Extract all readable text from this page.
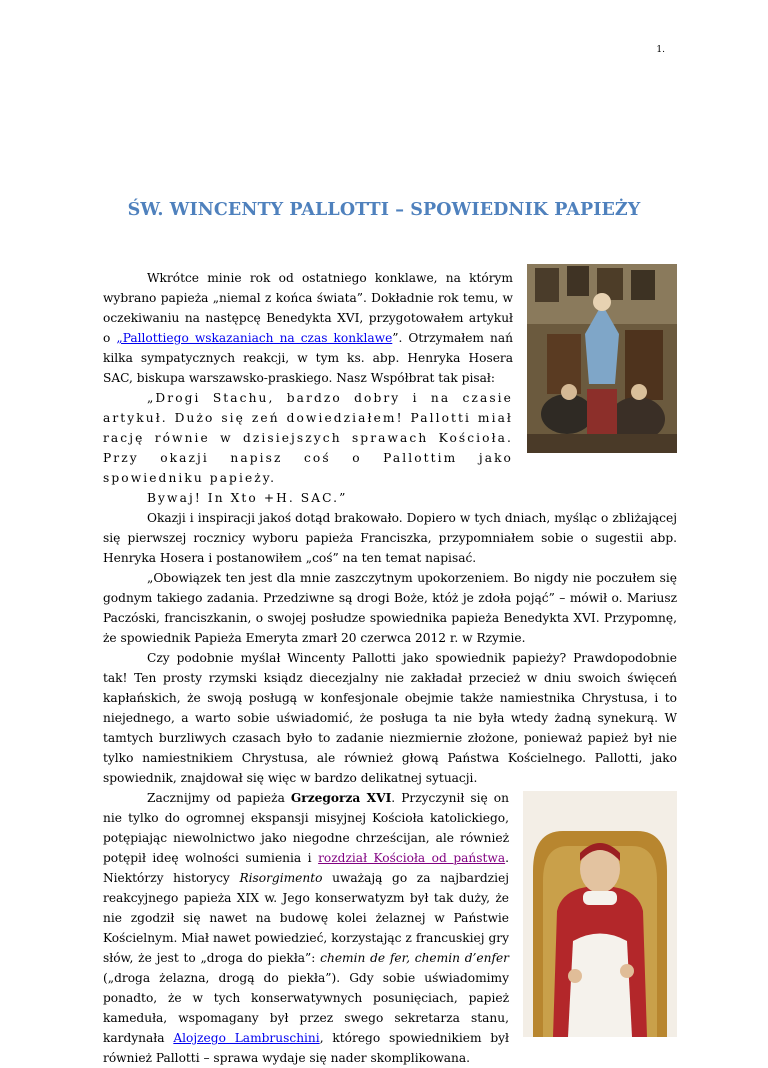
1.
ŚW. WINCENTY PALLOTTI – SPOWIEDNIK PAPIEŻY

Wkrótce minie rok od ostatniego konklawe, na którym wybrano papieża „niemal z końca świata”. Dokładnie rok temu, w oczekiwaniu na następcę Benedykta XVI, przygotowałem artykuł o „Pallottiego wskazaniach na czas konklawe”. Otrzymałem nań kilka sympatycznych reakcji, w tym ks. abp. Henryka Hosera SAC, biskupa warszawsko-praskiego. Nasz Współbrat tak pisał:

„Drogi Stachu, bardzo dobry i na czasie artykuł. Dużo się zeń dowiedziałem! Pallotti miał rację równie w dzisiejszych sprawach Kościoła. Przy okazji napisz coś o Pallottim jako spowiedniku papieży.

Bywaj! In Xto +H. SAC.”

Okazji i inspiracji jakoś dotąd brakowało. Dopiero w tych dniach, myśląc o zbliżającej się pierwszej rocznicy wyboru papieża Franciszka, przypomniałem sobie o sugestii abp. Henryka Hosera i postanowiłem „coś” na ten temat napisać.

„Obowiązek ten jest dla mnie zaszczytnym upokorzeniem. Bo nigdy nie poczułem się godnym takiego zadania. Przedziwne są drogi Boże, któż je zdoła pojąć” – mówił o. Mariusz Paczóski, franciszkanin, o swojej posłudze spowiednika papieża Benedykta XVI. Przypomnę, że spowiednik Papieża Emeryta zmarł 20 czerwca 2012 r. w Rzymie.

Czy podobnie myślał Wincenty Pallotti jako spowiednik papieży? Prawdopodobnie tak! Ten prosty rzymski ksiądz diecezjalny nie zakładał przecież w dniu swoich święceń kapłańskich, że swoją posługą w konfesjonale obejmie także namiestnika Chrystusa, i to niejednego, a warto sobie uświadomić, że posługa ta nie była wtedy żadną synekurą. W tamtych burzliwych czasach było to zadanie niezmiernie złożone, ponieważ papież był nie tylko namiestnikiem Chrystusa, ale również głową Państwa Kościelnego. Pallotti, jako spowiednik, znajdował się więc w bardzo delikatnej sytuacji.

Zacznijmy od papieża Grzegorza XVI. Przyczynił się on nie tylko do ogromnej ekspansji misyjnej Kościoła katolickiego, potępiając niewolnictwo jako niegodne chrześcijan, ale również potępił ideę wolności sumienia i rozdział Kościoła od państwa. Niektórzy historycy Risorgimento uważają go za najbardziej reakcyjnego papieża XIX w. Jego konserwatyzm był tak duży, że nie zgodził się nawet na budowę kolei żelaznej w Państwie Kościelnym. Miał nawet powiedzieć, korzystając z francuskiej gry słów, że jest to „droga do piekła”: chemin de fer, chemin d’enfer („droga żelazna, drogą do piekła”). Gdy sobie uświadomimy ponadto, że w tych konserwatywnych posunięciach, papież kameduła, wspomagany był przez swego sekretarza stanu, kardynała Alojzego Lambruschini, którego spowiednikiem był również Pallotti – sprawa wydaje się nader skomplikowana.
